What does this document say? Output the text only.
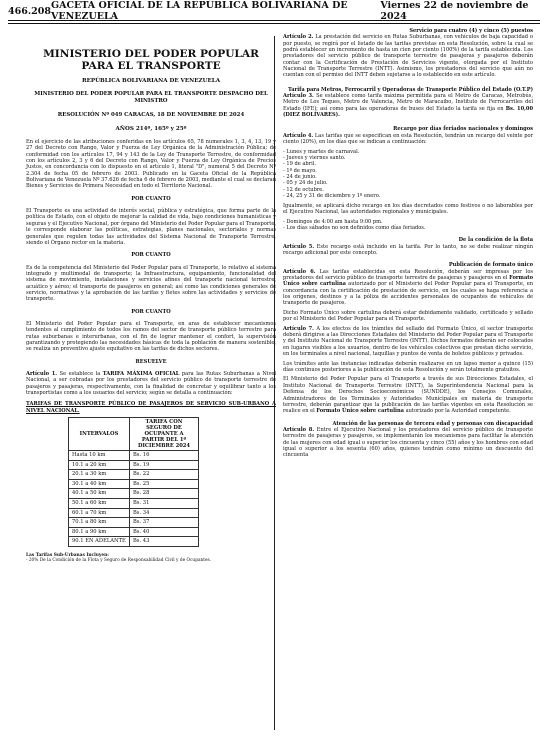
466.208 GACETA OFICIAL DE LA REPÚBLICA BOLIVARIANA DE VENEZUELA
Viernes 22 de noviembre de 2024
MINISTERIO DEL PODER POPULAR PARA EL TRANSPORTE
REPÚBLICA BOLIVARIANA DE VENEZUELA
MINISTERIO DEL PODER POPULAR PARA EL TRANSPORTE DESPACHO DEL MINISTRO
RESOLUCIÓN Nº 049 CARACAS, 18 DE NOVIEMBRE DE 2024
AÑOS 214º, 165º y 25º

En el ejercicio de las atribuciones conferidas en los artículos 65, 78 numerales 1, 3, 4, 13, 19 y 27 del Decreto con Rango, Valor y Fuerza de Ley Orgánica de la Administración Pública; de conformidad con los artículos 17, 94 y 143 de la Ley de Transporte Terrestre, de conformidad con los artículos 2, 3 y 6 del Decreto con Rango, Valor y Fuerza de Ley Orgánica de Precios Justos, en concordancia con lo dispuesto en el artículo 1, literal "D", numeral 5 del Decreto Nº 2.304 de fecha 05 de febrero de 2003. Publicado en la Gaceta Oficial de la República Bolivariana de Venezuela Nº 37.626 de fecha 6 de febrero de 2003, mediante el cual se declaran Bienes y Servicios de Primera Necesidad en todo el Territorio Nacional.

POR CUANTO

El Transporte es una actividad de interés social, pública y estratégica, que forma parte de la política de Estado, con el objeto de mejorar la calidad de vida, bajo condiciones humanísticas y seguras y el Ejecutivo Nacional, por órgano del Ministerio del Poder Popular para el Transporte, le corresponde elaborar las políticas, estrategias, planes nacionales, sectoriales y normas generales que regulen todas las actividades del Sistema Nacional de Transporte Terrestre, siendo el Órgano rector en la materia.

POR CUANTO

Es de la competencia del Ministerio del Poder Popular para el Transporte, lo relativo al sistema integrado y multimodal de transporte; la Infraestructura, equipamiento, funcionalidad del sistema de movimiento, instalaciones y servicios afines del transporte nacional terrestre, acuático y aéreo; el transporte de pasajeros en general; así como las condiciones generales de servicio, normativas y la aprobación de las tarifas y fletes sobre las actividades y servicios de transporte.

POR CUANTO

El Ministerio del Poder Popular para el Transporte, en aras de establecer mecanismos tendentes al cumplimiento de todos los ramos del sector de transporte público terrestre para rutas suburbanas e interurbanas, con el fin de lograr mantener el confort, la supervisión garantizando y protegiendo las necesidades básicas de toda la población de manera sostenible, se realiza un preventivo ajuste equitativo en las tarifas de dichos sectores.

RESUELVE

Artículo 1. Se establece la TARIFA MÁXIMA OFICIAL para las Rutas Suburbanas a Nivel Nacional, a ser cobradas por los prestadores del servicio público de transporte terrestre de pasajeros y pasajeras, respectivamente, con la finalidad de concretar y equilibrar tanto a los transportistas como a los usuarios del servicio; según se detalla a continuación:

TARIFAS DE TRANSPORTE PÚBLICO DE PASAJEROS DE SERVICIO SUB-URBANO A NIVEL NACIONAL.
INTERVALOS	TARIFA CON SEGURO DE OCUPANTE A PARTIR DEL 1º DICIEMBRE 2024
Hasta 10 km	Bs. 16
10.1 a 20 km	Bs. 19
20.1 a 30 km	Bs. 22
30.1 a 40 km	Bs. 25
40.1 a 50 km	Bs. 28
50.1 a 60 km	Bs. 31
60.1 a 70 km	Bs. 34
70.1 a 80 km	Bs. 37
80.1 a 90 km	Bs. 40
90.1 EN ADELANTE	Bs. 43
Las Tarifas Sub-Urbanas Incluyen:
- 20% De la Condición de la Flota y Seguro de Responsabilidad Civil y de Ocupantes.
Servicio para cuatro (4) y cinco (5) puestos

Artículo 2. La prestación del servicio en Rutas Suburbanas, con vehículos de baja capacidad o por puesto, se regirá por el listado de las tarifas previstas en esta Resolución, sobre la cual se podrá establecer un incremento de hasta un cien por ciento (100%) de la tarifa establecida. Los prestadores del servicio público de transporte terrestre de pasajeras y pasajeros deberán contar con la Certificación de Prestación de Servicios vigente, otorgada por el Instituto Nacional de Transporte Terrestre (INTT). Asimismo, los prestadores del servicio que aún no cuentan con el permiso del INTT deben sujetarse a lo establecido en este artículo.

Tarifa para Metros, Ferrocarril y Operadoras de Transporte Público del Estado (O.T.P)

Artículo 3. Se establece como tarifa máxima permitida para el Metro de Caracas, Metrobús, Metro de Los Teques, Metro de Valencia, Metro de Maracaibo, Instituto de Ferrocarriles del Estado (IFE); así como para las operadoras de buses del Estado la tarifa se fija en Bs. 10,00 (DIEZ BOLÍVARES).

Recargo por días feriados nacionales y domingos

Artículo 4. Las tarifas que se especifican en esta Resolución, tendrán un recargo del veinte por ciento (20%), en los días que se indican a continuación:

- Lunes y martes de carnaval.
- Jueves y viernes santo.
- 19 de abril.
- 1º de mayo.
- 24 de junio.
- 05 y 24 de julio.
- 12 de octubre.
- 24, 25 y 31 de diciembre y 1º enero.

Igualmente, se aplicará dicho recargo en los días decretados como festivos o no laborables por el Ejecutivo Nacional, las autoridades regionales y municipales.

- Domingos de 4:00 am hasta 9:00 pm.
- Los días sábados no son definidos como días feriados.
De la condición de la flota

Artículo 5. Este recargo está incluido en la tarifa. Por lo tanto, no se debe realizar ningún recargo adicional por este concepto.

Publicación de formato único

Artículo 6. Las tarifas establecidas en esta Resolución, deberán ser impresas por los prestadores del servicio público de transporte terrestre de pasajeras y pasajeros en el Formato Único sobre cartulina autorizado por el Ministerio del Poder Popular para el Transporte, en concordancia con la certificación de prestación de servicio, en los cuales se haga referencia a los orígenes, destinos y a la póliza de accidentes personales de ocupantes de vehículos de transporte de pasajeros.

Dicho Formato Único sobre cartulina deberá estar debidamente validado, certificado y sellado por el Ministerio del Poder Popular para el Transporte.

Artículo 7. A los efectos de los trámites del sellado del Formato Único, el sector transporte deberá dirigirse a las Direcciones Estadales del Ministerio del Poder Popular para el Transporte y del Instituto Nacional de Transporte Terrestre (INTT). Dichos formatos deberán ser colocados en lugares visibles a los usuarios, dentro de los vehículos colectivos que prestan dicho servicio, en los terminales a nivel nacional, taquillas y puntos de venta de boletos públicos y privados.

Los trámites ante las instancias indicadas deberán realizarse en un lapso menor a quince (15) días continuos posteriores a la publicación de esta Resolución y serán totalmente gratuitos.

El Ministerio del Poder Popular para el Transporte a través de sus Direcciones Estadales, el Instituto Nacional de Transporte Terrestre (INTT), la Superintendencia Nacional para la Defensa de los Derechos Socioeconómicos (SUNDDE), los Consejos Comunales, Administradores de los Terminales y Autoridades Municipales en materia de transporte terrestre, deberán garantizar que la publicación de las tarifas vigentes en esta Resolución se realice en el Formato Único sobre cartulina autorizado por la Autoridad competente.

Atención de las personas de tercera edad y personas con discapacidad

Artículo 8. Entre el Ejecutivo Nacional y los prestadores del servicio público de transporte terrestre de pasajeras y pasajeros, se implementarán los mecanismos para facilitar la atención de las mujeres con edad igual o superior los cincuenta y cinco (55) años y los hombres con edad igual o superior a los sesenta (60) años, quienes tendrán como mínimo un descuento del cincuenta
